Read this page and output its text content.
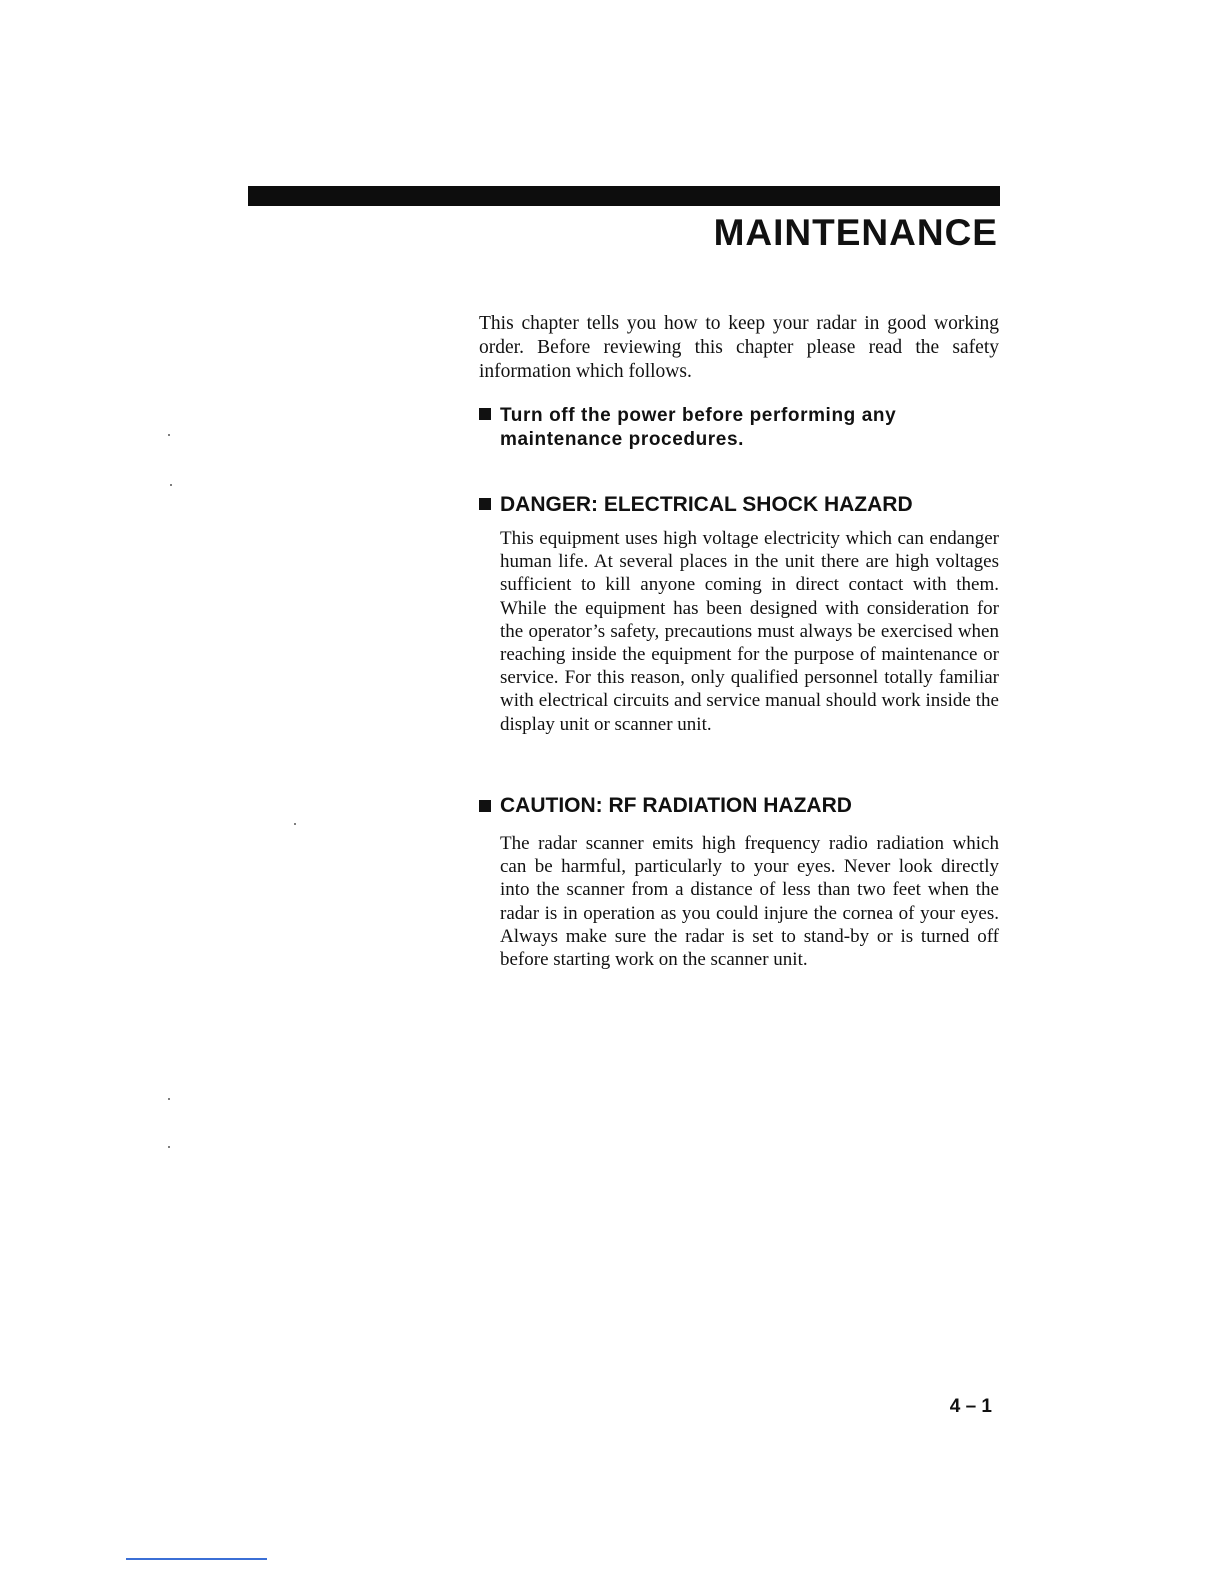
MAINTENANCE

This chapter tells you how to keep your radar in good working order. Before reviewing this chapter please read the safety information which follows.

Turn off the power before performing any maintenance procedures.

DANGER: ELECTRICAL SHOCK HAZARD

This equipment uses high voltage electricity which can endanger human life. At several places in the unit there are high voltages sufficient to kill anyone coming in direct contact with them. While the equipment has been designed with consideration for the operator’s safety, precautions must always be exercised when reaching inside the equipment for the purpose of maintenance or service. For this reason, only qualified personnel totally familiar with electrical circuits and service manual should work inside the display unit or scanner unit.

CAUTION: RF RADIATION HAZARD

The radar scanner emits high frequency radio radiation which can be harmful, particularly to your eyes. Never look directly into the scanner from a distance of less than two feet when the radar is in operation as you could injure the cornea of your eyes. Always make sure the radar is set to stand-by or is turned off before starting work on the scanner unit.

4 – 1
